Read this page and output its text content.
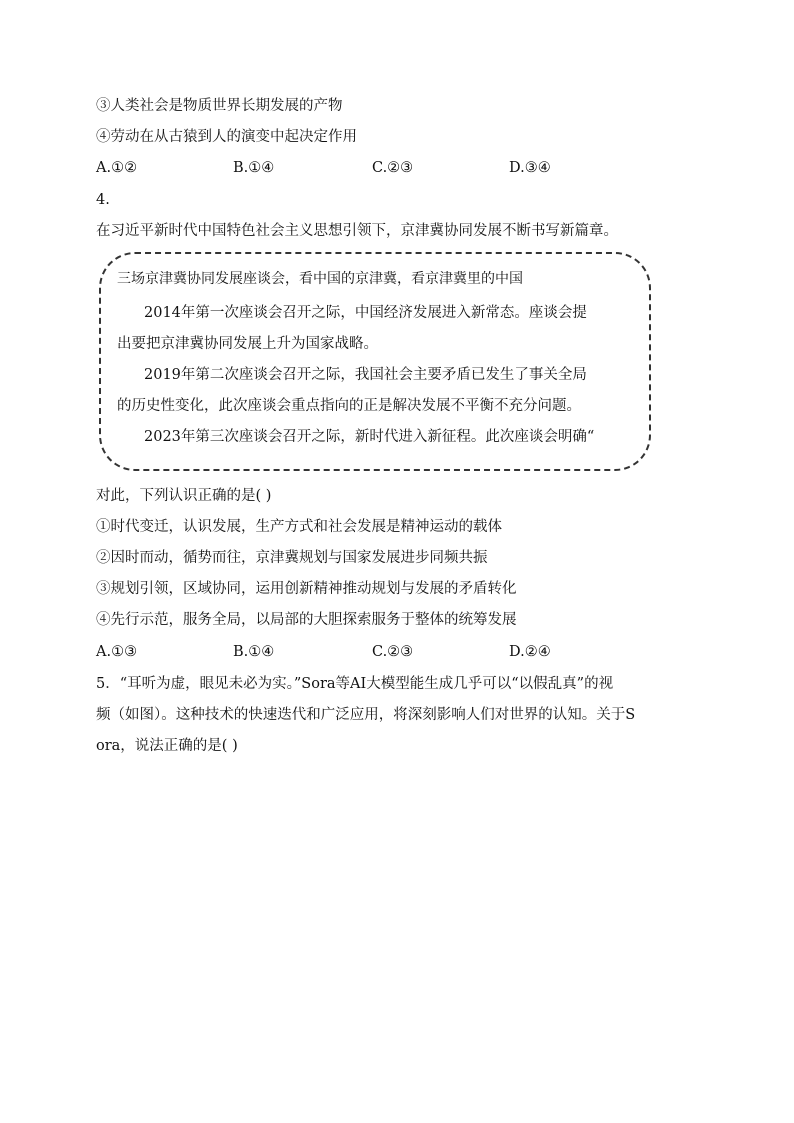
③人类社会是物质世界长期发展的产物
④劳动在从古猿到人的演变中起决定作用
A.①②	B.①④	C.②③	D.③④
4.
在习近平新时代中国特色社会主义思想引领下，京津冀协同发展不断书写新篇章。
三场京津冀协同发展座谈会，看中国的京津冀，看京津冀里的中国
2014年第一次座谈会召开之际，中国经济发展进入新常态。座谈会提
出要把京津冀协同发展上升为国家战略。
2019年第二次座谈会召开之际，我国社会主要矛盾已发生了事关全局
的历史性变化，此次座谈会重点指向的正是解决发展不平衡不充分问题。
2023年第三次座谈会召开之际，新时代进入新征程。此次座谈会明确“
对此，下列认识正确的是( )
①时代变迁，认识发展，生产方式和社会发展是精神运动的载体
②因时而动，循势而往，京津冀规划与国家发展进步同频共振
③规划引领，区域协同，运用创新精神推动规划与发展的矛盾转化
④先行示范，服务全局，以局部的大胆探索服务于整体的统筹发展
A.①③	B.①④	C.②③	D.②④
5．“耳听为虚，眼见未必为实。”Sora等AI大模型能生成几乎可以“以假乱真”的视
频（如图）。这种技术的快速迭代和广泛应用，将深刻影响人们对世界的认知。关于S
ora，说法正确的是( )
